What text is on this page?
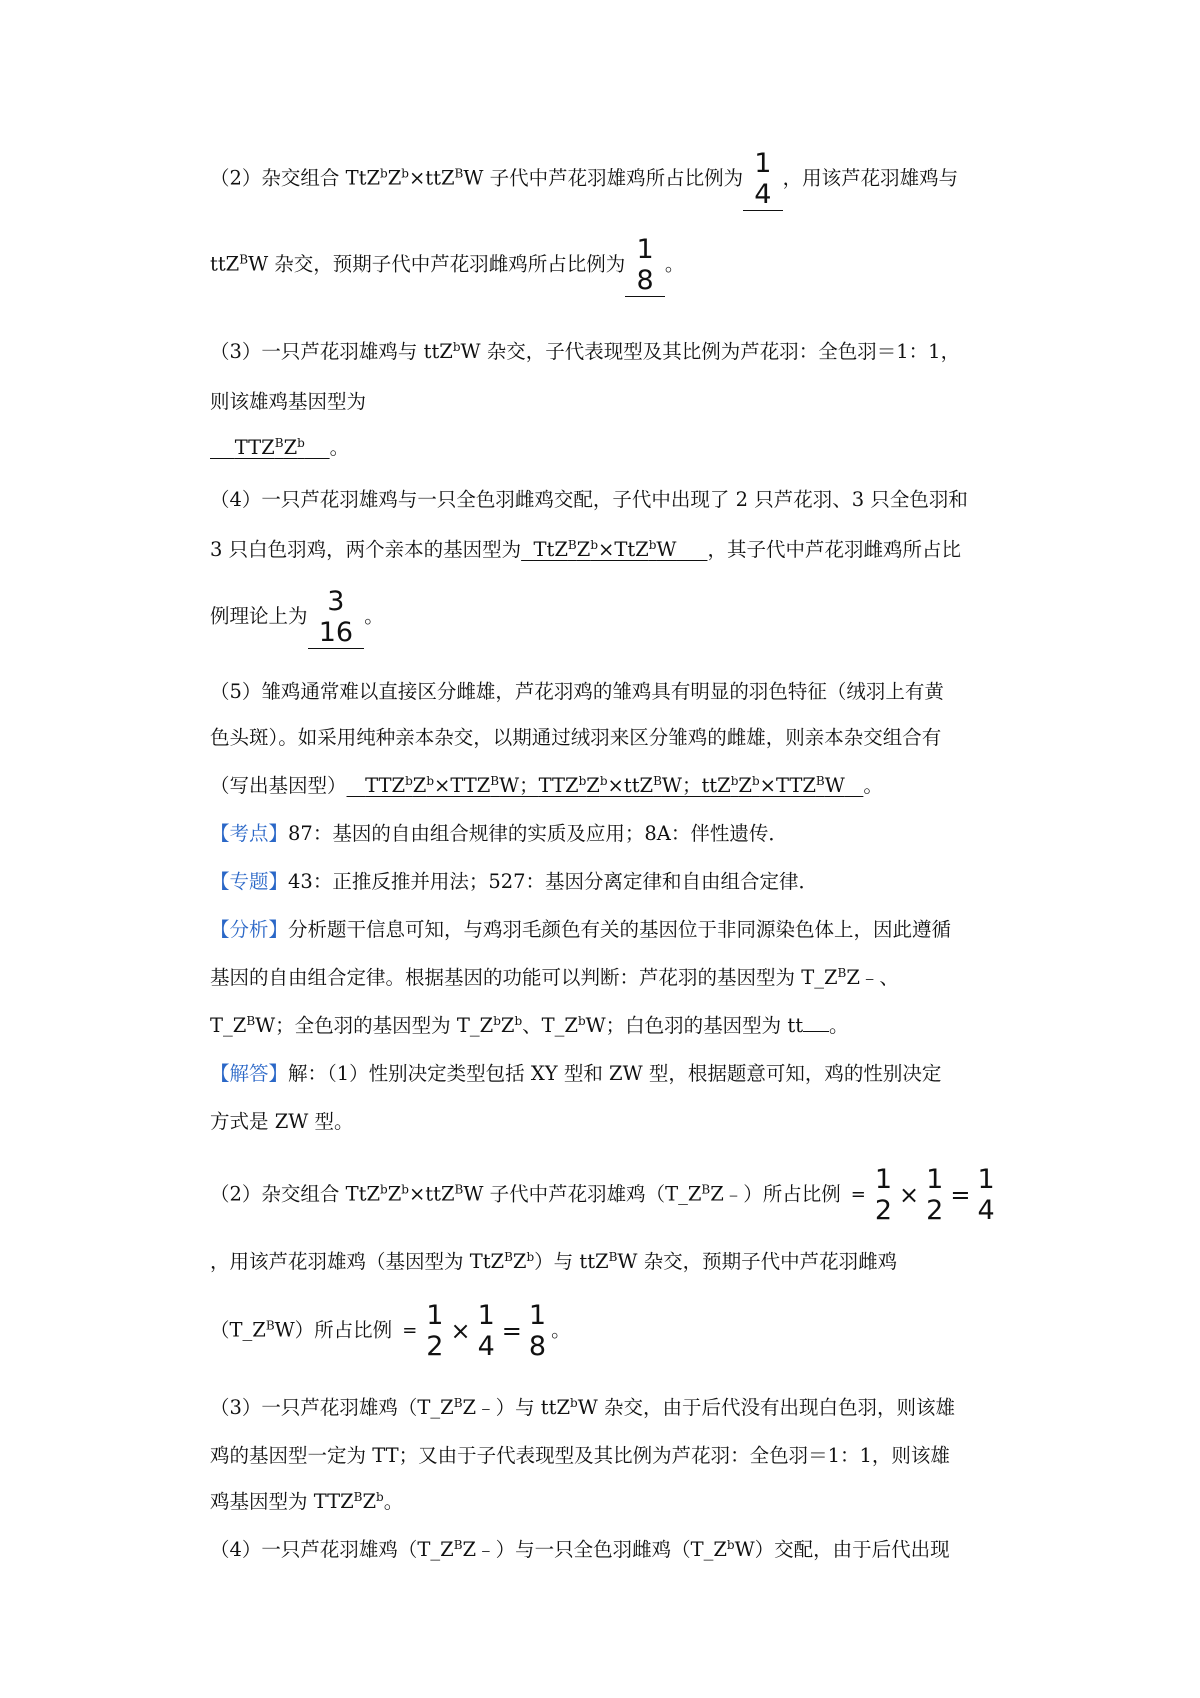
（2）杂交组合 $TtZ^bZ^b\times ttZ^BW$ 子代中芦花羽雄鸡所占比例为 1
4
，用该芦花羽雄鸡与
ttZ$^B$W 杂交，预期子代中芦花羽雌鸡所占比例为 1
8
。
（3）一只芦花羽雄鸡与 ttZ$^b$W 杂交，子代表现型及其比例为芦花羽：全色羽＝1：1，
则该雄鸡基因型为
$TTZ^BZ^b$ 。
（4）一只芦花羽雄鸡与一只全色羽雌鸡交配，子代中出现了 2 只芦花羽、3 只全色羽和
3 只白色羽鸡，两个亲本的基因型为 $TtZ^BZ^b\times TtZ^bW$ ，其子代中芦花羽雌鸡所占比
例理论上为 3
16
。
（5）雏鸡通常难以直接区分雌雄，芦花羽鸡的雏鸡具有明显的羽色特征（绒羽上有黄
色头斑）。如采用纯种亲本杂交，以期通过绒羽来区分雏鸡的雌雄，则亲本杂交组合有
（写出基因型） $TTZ^bZ^b\times TTZ^BW$；$TTZ^bZ^b\times ttZ^BW$；$ttZ^bZ^b\times TTZ^BW$ 。
【考点】87：基因的自由组合规律的实质及应用；8A：伴性遗传．
【专题】43：正推反推并用法；527：基因分离定律和自由组合定律．
【分析】分析题干信息可知，与鸡羽毛颜色有关的基因位于非同源染色体上，因此遵循
基因的自由组合定律。根据基因的功能可以判断：芦花羽的基因型为 $T\_Z^BZ﹣$、
$T\_Z^BW$；全色羽的基因型为 $T\_Z^bZ^b$、$T\_Z^bW$；白色羽的基因型为 tt 。
【解答】解：（1）性别决定类型包括 XY 型和 ZW 型，根据题意可知，鸡的性别决定
方式是 ZW 型。
（2）杂交组合 $TtZ^bZ^b\times ttZ^BW$ 子代中芦花羽雄鸡$(T\_Z^BZ﹣)$所占比例 = 1
2
× 1
2
= 1
4
，用该芦花羽雄鸡（基因型为 $TtZ^BZ^b$）与 ttZ$^B$W 杂交，预期子代中芦花羽雌鸡
$(T\_Z^BW)$所占比例 = 1
2
× 1
4
= 1
8
。
（3）一只芦花羽雄鸡$(T\_Z^BZ﹣)$与 ttZ$^b$W 杂交，由于后代没有出现白色羽，则该雄
鸡的基因型一定为 TT；又由于子代表现型及其比例为芦花羽：全色羽＝1：1，则该雄
鸡基因型为 $TTZ^BZ^b$。
（4）一只芦花羽雄鸡$(T\_Z^BZ﹣)$与一只全色羽雌鸡$(T\_Z^bW)$交配，由于后代出现
